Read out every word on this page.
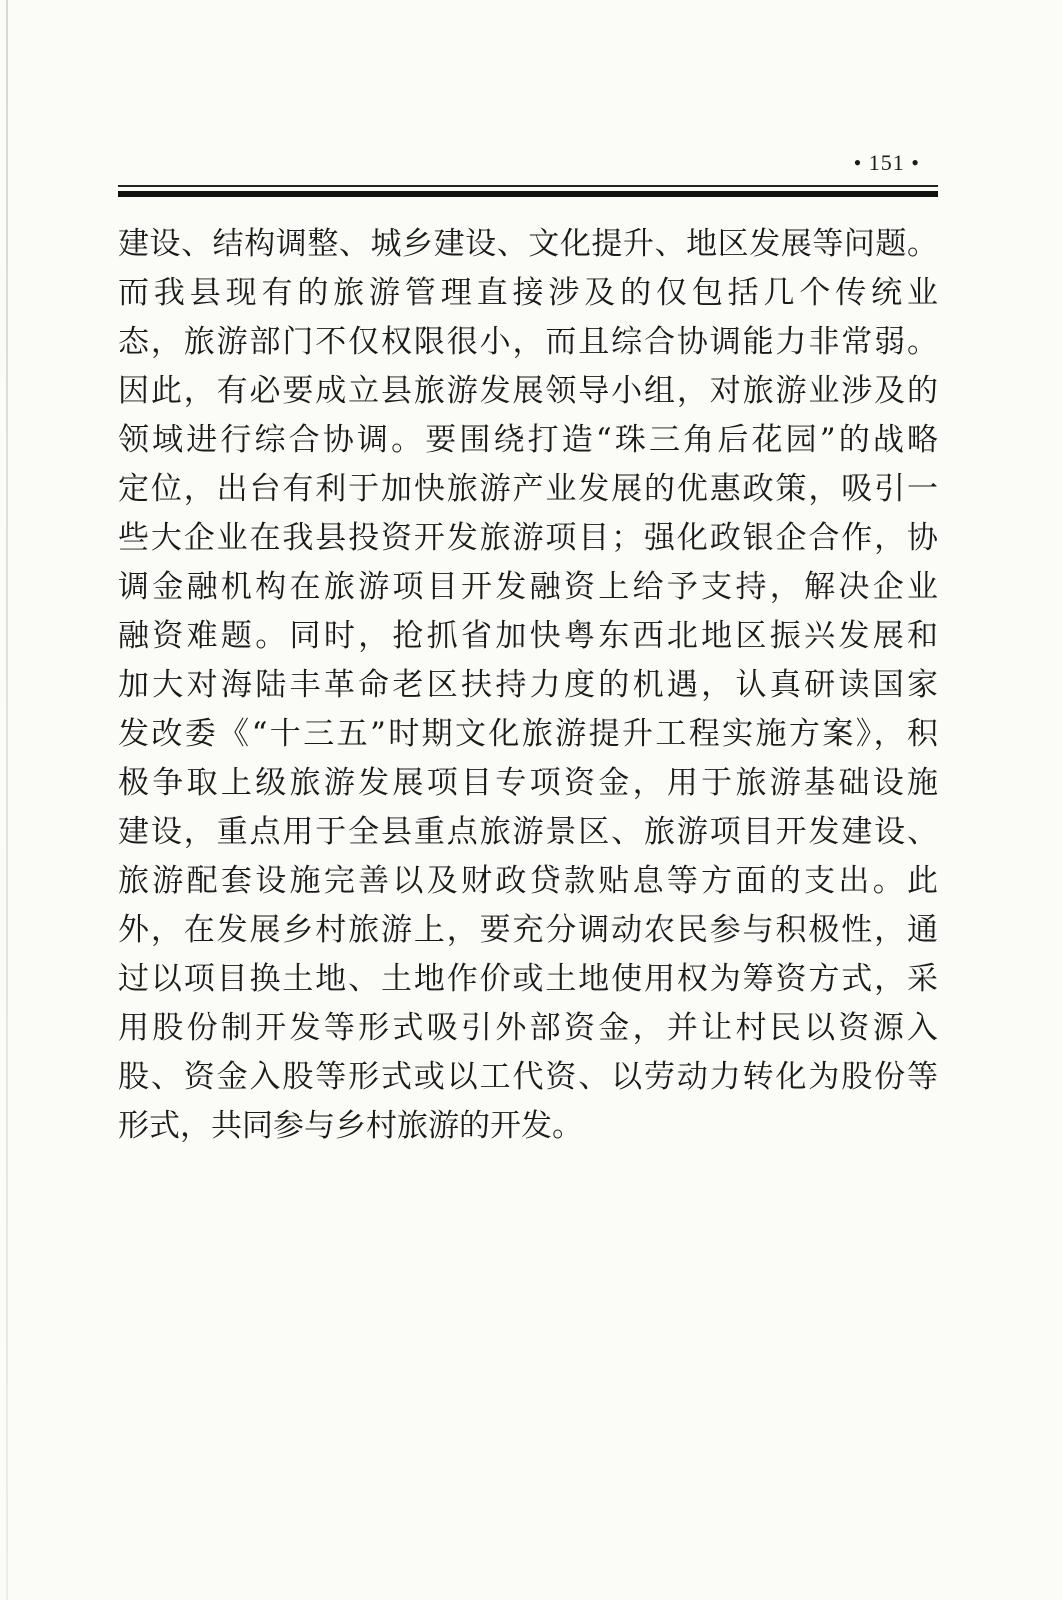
• 151 •
建设、结构调整、城乡建设、文化提升、地区发展等问题。
而我县现有的旅游管理直接涉及的仅包括几个传统业
态，旅游部门不仅权限很小，而且综合协调能力非常弱。
因此，有必要成立县旅游发展领导小组，对旅游业涉及的
领域进行综合协调。要围绕打造“珠三角后花园”的战略
定位，出台有利于加快旅游产业发展的优惠政策，吸引一
些大企业在我县投资开发旅游项目；强化政银企合作，协
调金融机构在旅游项目开发融资上给予支持，解决企业
融资难题。同时，抢抓省加快粤东西北地区振兴发展和
加大对海陆丰革命老区扶持力度的机遇，认真研读国家
发改委《“十三五”时期文化旅游提升工程实施方案》，积
极争取上级旅游发展项目专项资金，用于旅游基础设施
建设，重点用于全县重点旅游景区、旅游项目开发建设、
旅游配套设施完善以及财政贷款贴息等方面的支出。此
外，在发展乡村旅游上，要充分调动农民参与积极性，通
过以项目换土地、土地作价或土地使用权为筹资方式，采
用股份制开发等形式吸引外部资金，并让村民以资源入
股、资金入股等形式或以工代资、以劳动力转化为股份等
形式，共同参与乡村旅游的开发。
